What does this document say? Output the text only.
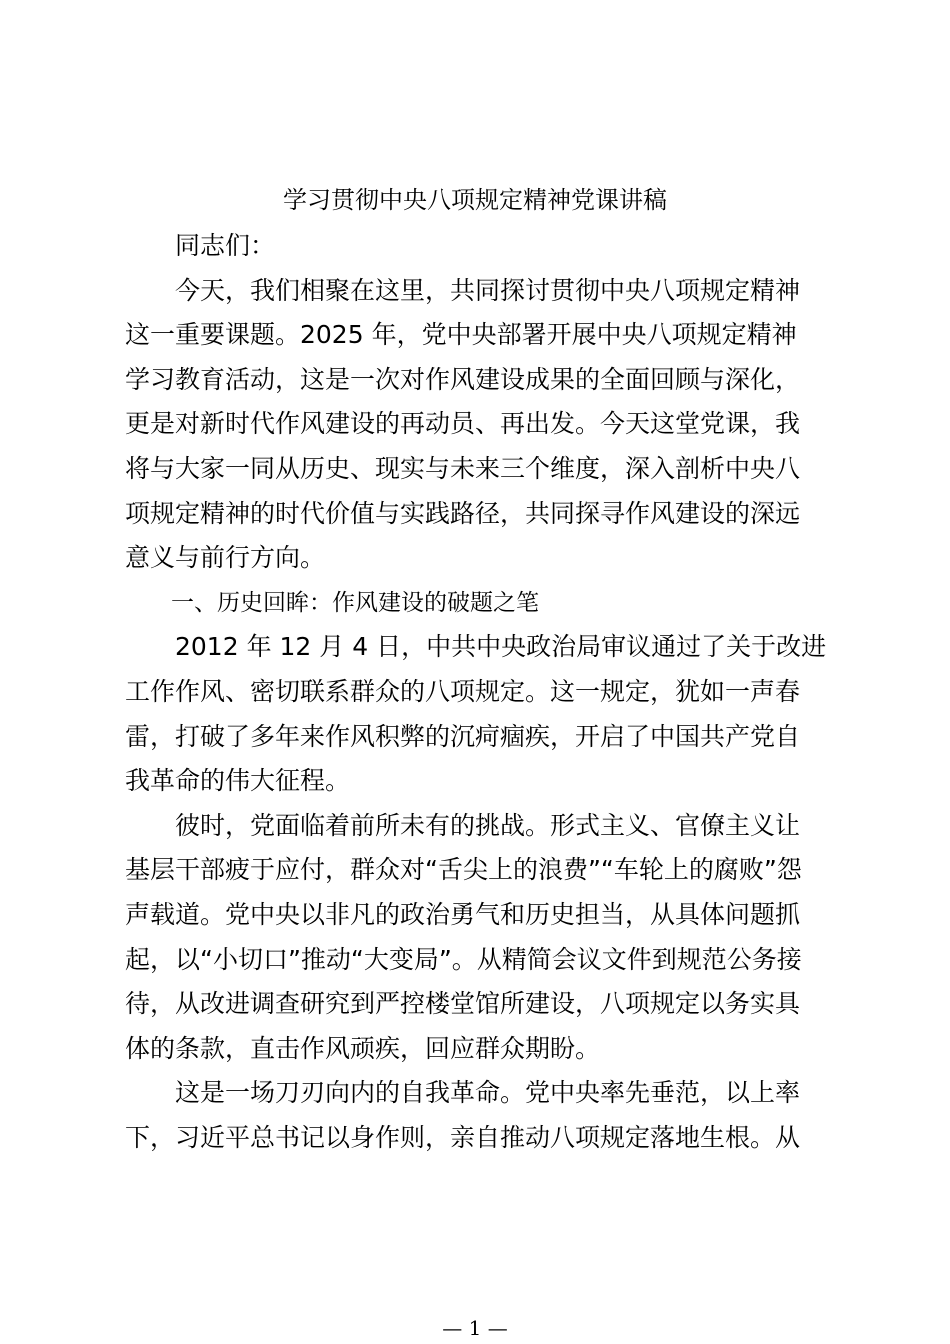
学习贯彻中央八项规定精神党课讲稿

同志们：

今天，我们相聚在这里，共同探讨贯彻中央八项规定精神
这一重要课题。2025 年，党中央部署开展中央八项规定精神
学习教育活动，这是一次对作风建设成果的全面回顾与深化，
更是对新时代作风建设的再动员、再出发。今天这堂党课，我
将与大家一同从历史、现实与未来三个维度，深入剖析中央八
项规定精神的时代价值与实践路径，共同探寻作风建设的深远
意义与前行方向。

一、历史回眸：作风建设的破题之笔

2012 年 12 月 4 日，中共中央政治局审议通过了关于改进
工作作风、密切联系群众的八项规定。这一规定，犹如一声春
雷，打破了多年来作风积弊的沉疴痼疾，开启了中国共产党自
我革命的伟大征程。

彼时，党面临着前所未有的挑战。形式主义、官僚主义让
基层干部疲于应付，群众对“舌尖上的浪费”“车轮上的腐败”怨
声载道。党中央以非凡的政治勇气和历史担当，从具体问题抓
起，以“小切口”推动“大变局”。从精简会议文件到规范公务接
待，从改进调查研究到严控楼堂馆所建设，八项规定以务实具
体的条款，直击作风顽疾，回应群众期盼。

这是一场刀刃向内的自我革命。党中央率先垂范，以上率
下，习近平总书记以身作则，亲自推动八项规定落地生根。从

— 1 —
